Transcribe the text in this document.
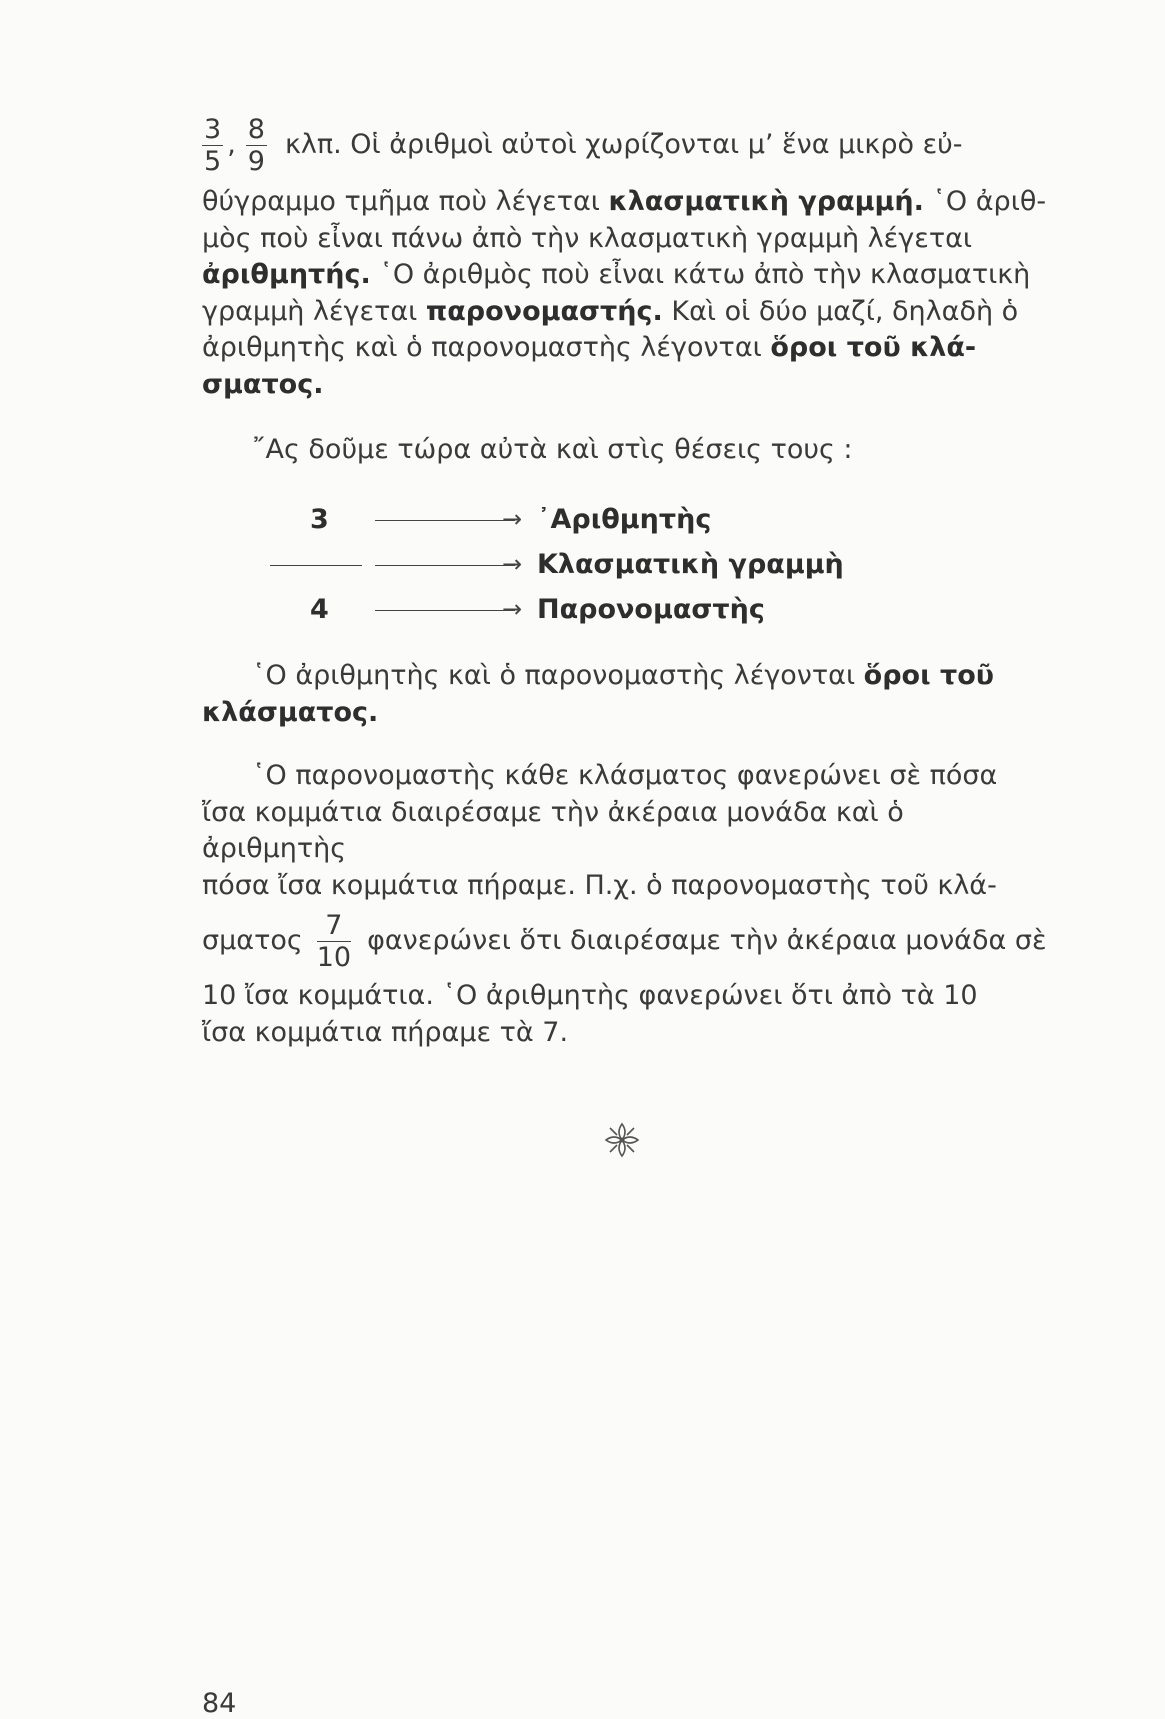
$\frac{3}{5}$ , $\frac{8}{9} \kappa\lambda\pi$. Οἱ ἀριθμοὶ αὐτοὶ χωρίζονται μ’ ἕνα μικρὸ εὐ-
θύγραμμο τμῆμα ποὺ λέγεται κλασματικὴ γραμμή. ῾Ο ἀριθ-
μὸς ποὺ εἶναι πάνω ἀπὸ τὴν κλασματικὴ γραμμὴ λέγεται
ἀριθμητής. ῾Ο ἀριθμὸς ποὺ εἶναι κάτω ἀπὸ τὴν κλασματικὴ
γραμμὴ λέγεται παρονομαστής. Καὶ οἱ δύο μαζί, δηλαδὴ ὁ
ἀριθμητὴς καὶ ὁ παρονομαστὴς λέγονται ὅροι τοῦ κλά-
σματος.
῎Ας δοῦμε τώρα αὐτὰ καὶ στὶς θέσεις τους :
3	→ ᾿Αριθμητὴς
→ Κλασματικὴ γραμμὴ
4	→ Παρονομαστὴς
῾Ο ἀριθμητὴς καὶ ὁ παρονομαστὴς λέγονται ὅροι τοῦ
κλάσματος.
῾Ο παρονομαστὴς κάθε κλάσματος φανερώνει σὲ πόσα
ἴσα κομμάτια διαιρέσαμε τὴν ἀκέραια μονάδα καὶ ὁ ἀριθμητὴς
πόσα ἴσα κομμάτια πήραμε. Π.χ. ὁ παρονομαστὴς τοῦ κλά-
σματος $\frac{7}{10}$ φανερώνει ὅτι διαιρέσαμε τὴν ἀκέραια μονάδα σὲ
10 ἴσα κομμάτια. ῾Ο ἀριθμητὴς φανερώνει ὅτι ἀπὸ τὰ 10
ἴσα κομμάτια πήραμε τὰ 7.
84
